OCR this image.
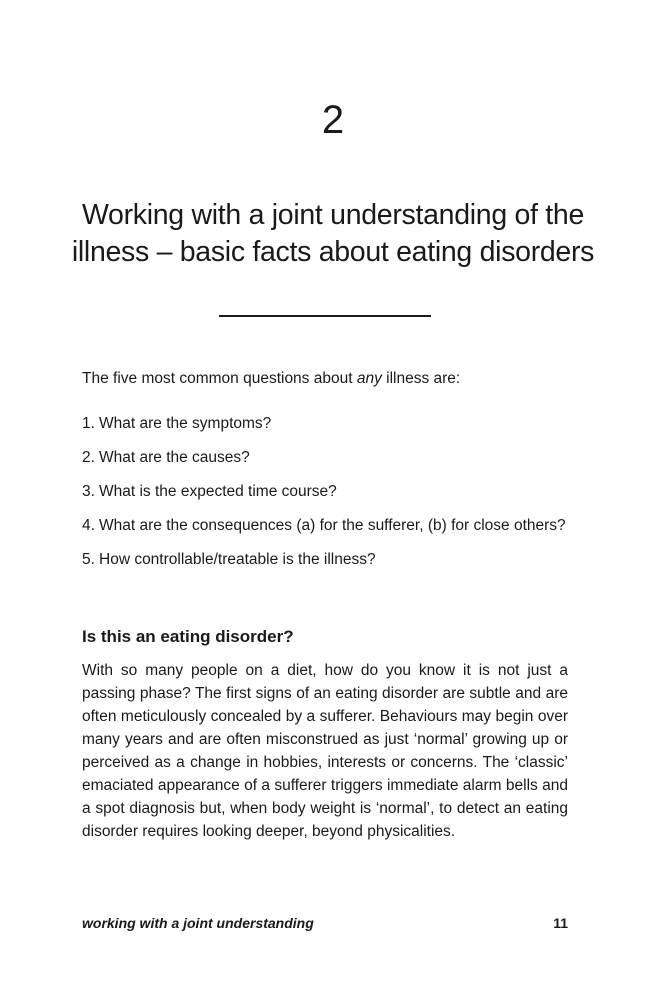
2
Working with a joint understanding of the illness – basic facts about eating disorders

The five most common questions about any illness are:

1. What are the symptoms?
2. What are the causes?
3. What is the expected time course?
4. What are the consequences (a) for the sufferer, (b) for close others?
5. How controllable/treatable is the illness?
Is this an eating disorder?

With so many people on a diet, how do you know it is not just a passing phase? The first signs of an eating disorder are subtle and are often meticulously concealed by a sufferer. Behaviours may begin over many years and are often misconstrued as just ‘normal’ growing up or perceived as a change in hobbies, interests or concerns. The ‘classic’ emaciated appearance of a sufferer triggers immediate alarm bells and a spot diagnosis but, when body weight is ‘normal’, to detect an eating disorder requires looking deeper, beyond physicalities.

working with a joint understanding	11
